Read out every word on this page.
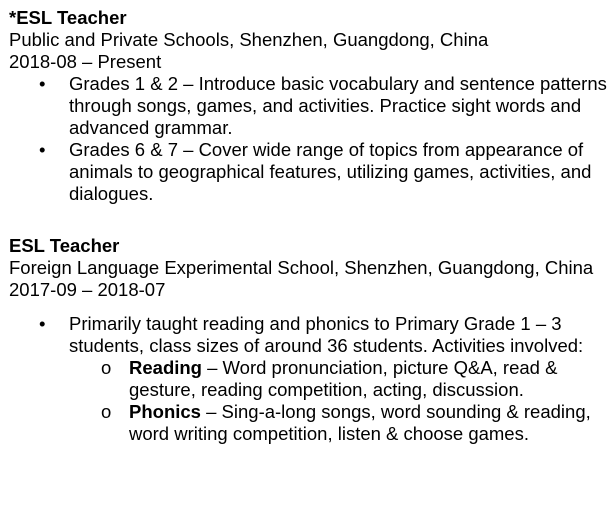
*ESL Teacher
Public and Private Schools, Shenzhen, Guangdong, China
2018-08 – Present
•	Grades 1 & 2 – Introduce basic vocabulary and sentence patterns through songs, games, and activities. Practice sight words and advanced grammar.
•	Grades 6 & 7 – Cover wide range of topics from appearance of animals to geographical features, utilizing games, activities, and dialogues.
ESL Teacher
Foreign Language Experimental School, Shenzhen, Guangdong, China
2017-09 – 2018-07
•	Primarily taught reading and phonics to Primary Grade 1 – 3 students, class sizes of around 36 students. Activities involved:
o Reading – Word pronunciation, picture Q&A, read & gesture, reading competition, acting, discussion.
o Phonics – Sing-a-long songs, word sounding & reading, word writing competition, listen & choose games.
